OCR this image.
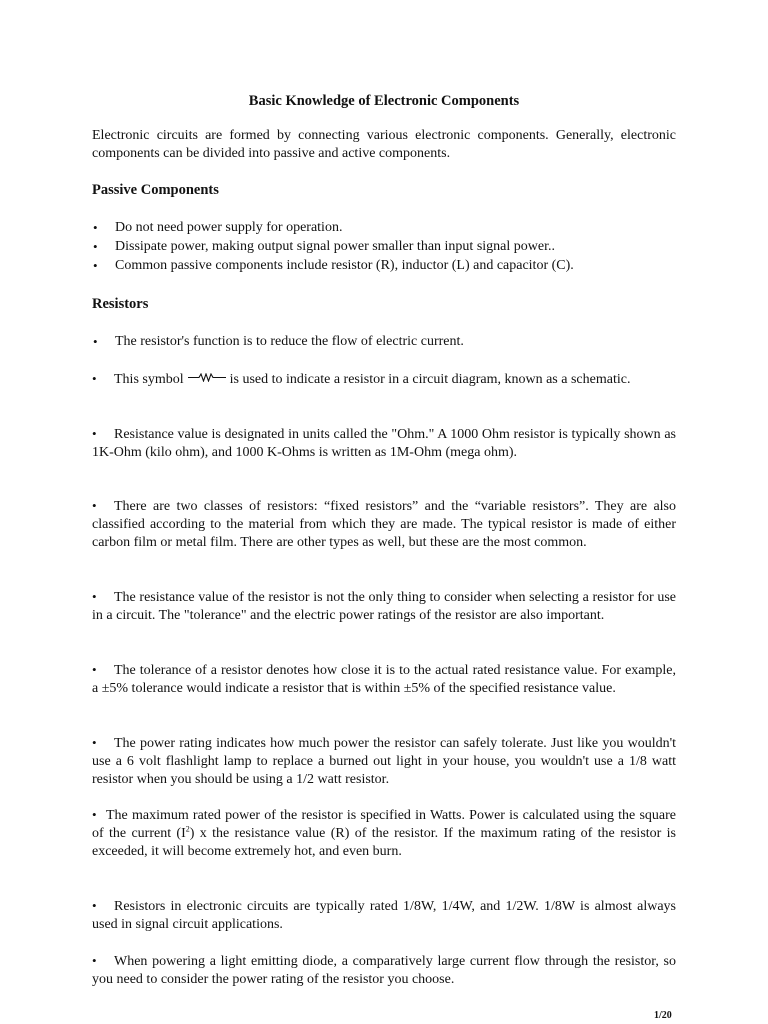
Basic Knowledge of Electronic Components

Electronic circuits are formed by connecting various electronic components. Generally, electronic components can be divided into passive and active components.

Passive Components

• Do not need power supply for operation.

• Dissipate power, making output signal power smaller than input signal power..

• Common passive components include resistor (R), inductor (L) and capacitor (C).

Resistors

• The resistor's function is to reduce the flow of electric current.

• This symbol	is used to indicate a resistor in a circuit diagram, known as a schematic.

• Resistance value is designated in units called the "Ohm." A 1000 Ohm resistor is typically shown as 1K-Ohm (kilo ohm), and 1000 K-Ohms is written as 1M-Ohm (mega ohm).

• There are two classes of resistors: “fixed resistors” and the “variable resistors”. They are also classified according to the material from which they are made. The typical resistor is made of either carbon film or metal film. There are other types as well, but these are the most common.

• The resistance value of the resistor is not the only thing to consider when selecting a resistor for use in a circuit. The "tolerance" and the electric power ratings of the resistor are also important.

• The tolerance of a resistor denotes how close it is to the actual rated resistance value. For example, a ±5% tolerance would indicate a resistor that is within ±5% of the specified resistance value.

• The power rating indicates how much power the resistor can safely tolerate. Just like you wouldn't use a 6 volt flashlight lamp to replace a burned out light in your house, you wouldn't use a 1/8 watt resistor when you should be using a 1/2 watt resistor.

• The maximum rated power of the resistor is specified in Watts. Power is calculated using the square of the current $(I^2)$ x the resistance value (R) of the resistor. If the maximum rating of the resistor is exceeded, it will become extremely hot, and even burn.

• Resistors in electronic circuits are typically rated 1/8W, 1/4W, and 1/2W. 1/8W is almost always used in signal circuit applications.

• When powering a light emitting diode, a comparatively large current flow through the resistor, so you need to consider the power rating of the resistor you choose.

1/20
